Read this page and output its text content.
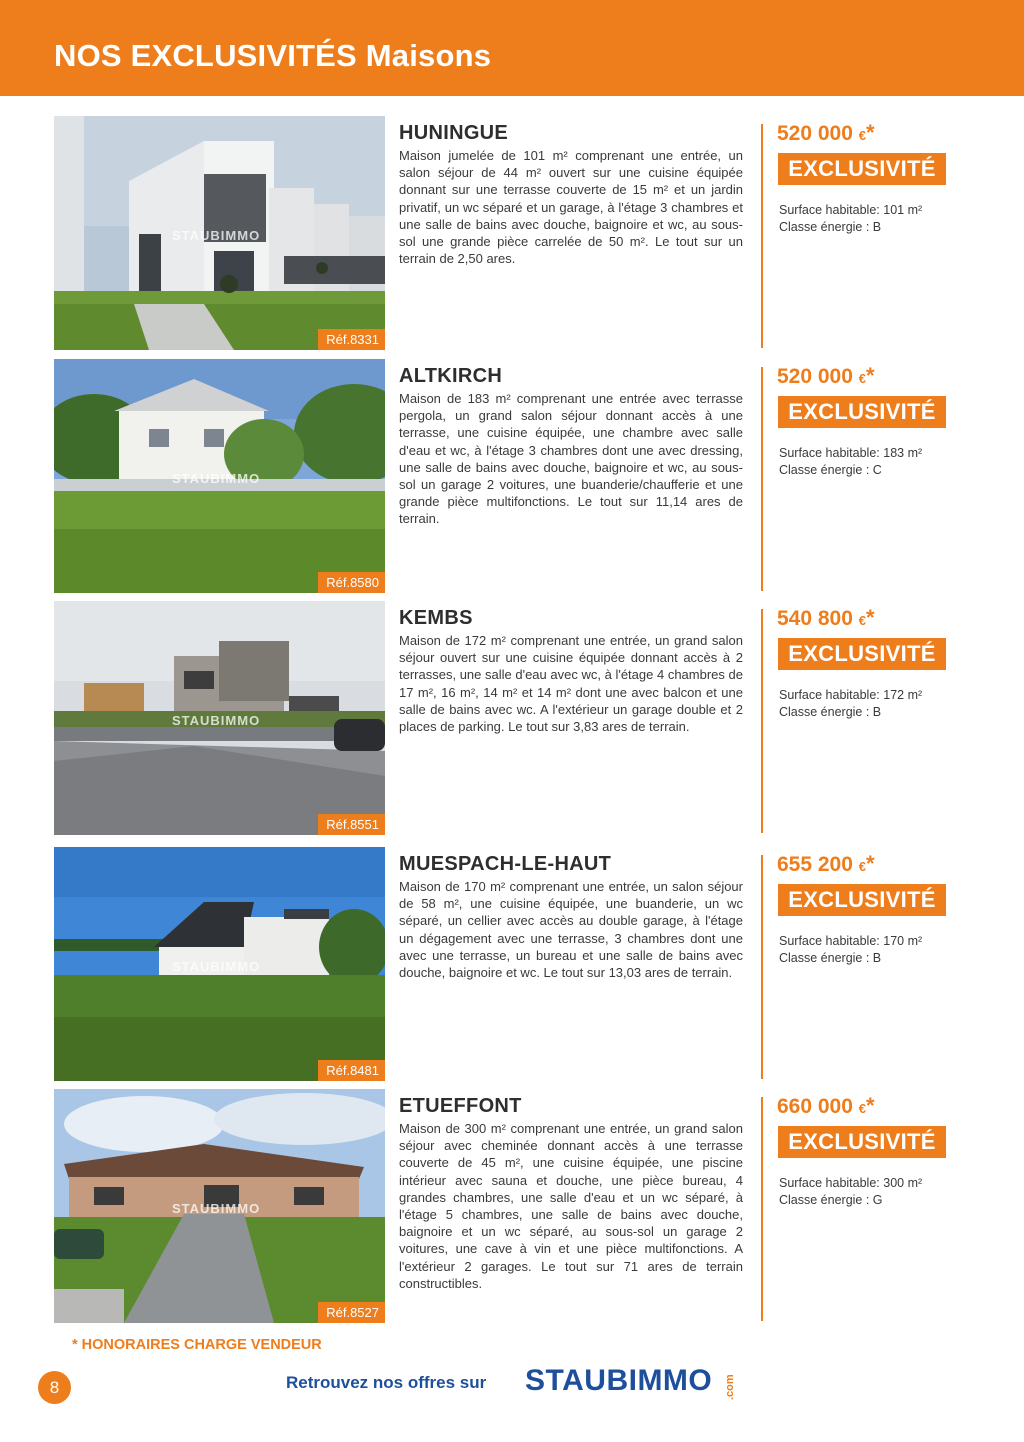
NOS EXCLUSIVITÉS Maisons
STAUBIMMO
Réf.8331
HUNINGUE
Maison jumelée de 101 m² comprenant une entrée, un salon séjour de 44 m² ouvert sur une cuisine équipée donnant sur une terrasse couverte de 15 m² et un jardin privatif, un wc séparé et un garage, à l'étage 3 chambres et une salle de bains avec douche, baignoire et wc, au sous-sol une grande pièce carrelée de 50 m². Le tout sur un terrain de 2,50 ares.
520 000 €*
EXCLUSIVITÉ
Surface habitable: 101 m²
Classe énergie : B
STAUBIMMO
Réf.8580
ALTKIRCH
Maison de 183 m² comprenant une entrée avec terrasse pergola, un grand salon séjour donnant accès à une terrasse, une cuisine équipée, une chambre avec salle d'eau et wc, à l'étage 3 chambres dont une avec dressing, une salle de bains avec douche, baignoire et wc, au sous-sol un garage 2 voitures, une buanderie/chaufferie et une grande pièce multifonctions. Le tout sur 11,14 ares de terrain.
520 000 €*
EXCLUSIVITÉ
Surface habitable: 183 m²
Classe énergie : C
STAUBIMMO
Réf.8551
KEMBS
Maison de 172 m² comprenant une entrée, un grand salon séjour ouvert sur une cuisine équipée donnant accès à 2 terrasses, une salle d'eau avec wc, à l'étage 4 chambres de 17 m², 16 m², 14 m² et 14 m² dont une avec balcon et une salle de bains avec wc. A l'extérieur un garage double et 2 places de parking. Le tout sur 3,83 ares de terrain.
540 800 €*
EXCLUSIVITÉ
Surface habitable: 172 m²
Classe énergie : B
STAUBIMMO
Réf.8481
MUESPACH-LE-HAUT
Maison de 170 m² comprenant une entrée, un salon séjour de 58 m², une cuisine équipée, une buanderie, un wc séparé, un cellier avec accès au double garage, à l'étage un dégagement avec une terrasse, 3 chambres dont une avec une terrasse, un bureau et une salle de bains avec douche, baignoire et wc. Le tout sur 13,03 ares de terrain.
655 200 €*
EXCLUSIVITÉ
Surface habitable: 170 m²
Classe énergie : B
STAUBIMMO
Réf.8527
ETUEFFONT
Maison de 300 m² comprenant une entrée, un grand salon séjour avec cheminée donnant accès à une terrasse couverte de 45 m², une cuisine équipée, une piscine intérieur avec sauna et douche, une pièce bureau, 4 grandes chambres, une salle d'eau et un wc séparé, à l'étage 5 chambres, une salle de bains avec douche, baignoire et un wc séparé, au sous-sol un garage 2 voitures, une cave à vin et une pièce multifonctions. A l'extérieur 2 garages. Le tout sur 71 ares de terrain constructibles.
660 000 €*
EXCLUSIVITÉ
Surface habitable: 300 m²
Classe énergie : G
* HONORAIRES CHARGE VENDEUR
8	Retrouvez nos offres sur STAUBIMMO .com
